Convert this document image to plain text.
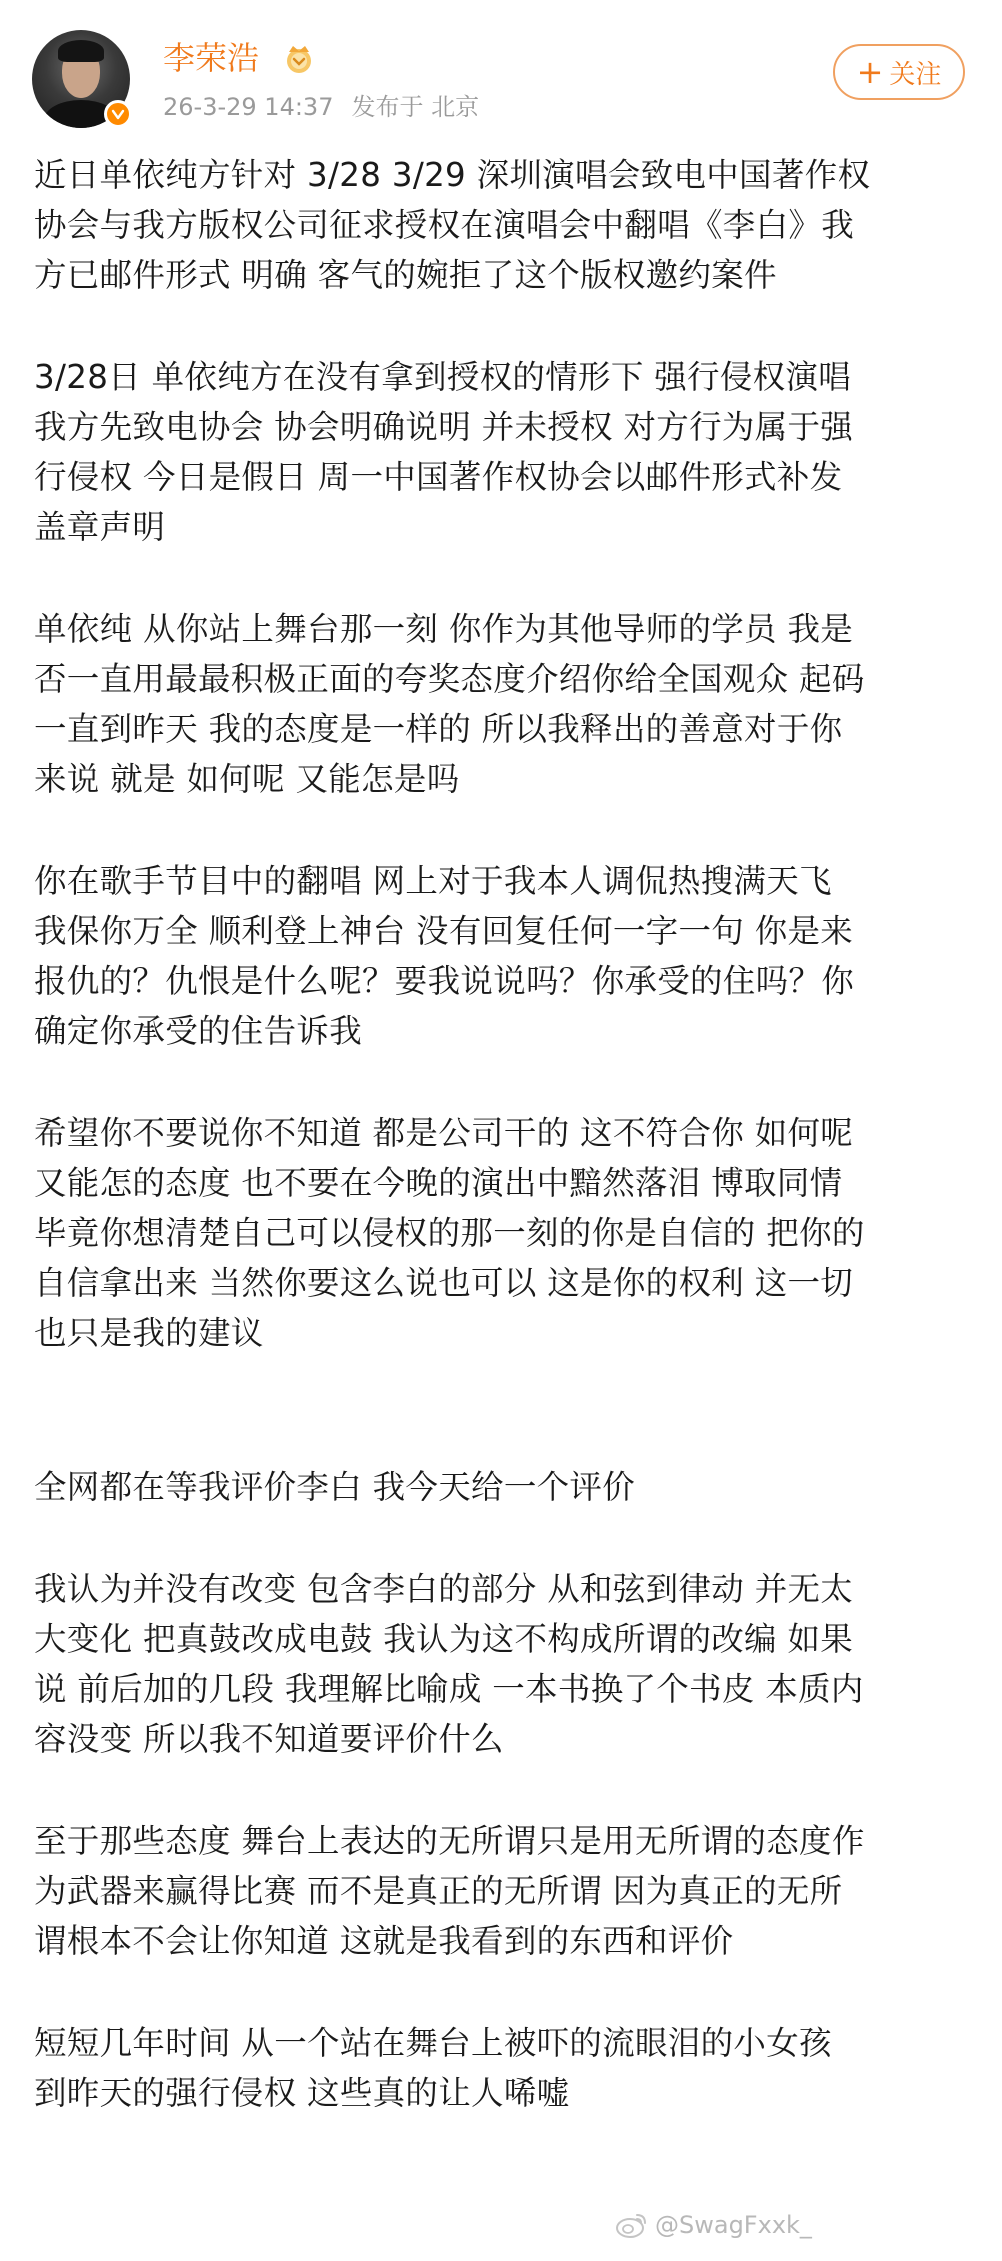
李荣浩
26-3-29 14:37 发布于 北京
+ 关注

近日单依纯方针对 3/28 3/29 深圳演唱会致电中国著作权
协会与我方版权公司征求授权在演唱会中翻唱《李白》我
方已邮件形式 明确 客气的婉拒了这个版权邀约案件

3/28日 单依纯方在没有拿到授权的情形下 强行侵权演唱
我方先致电协会 协会明确说明 并未授权 对方行为属于强
行侵权 今日是假日 周一中国著作权协会以邮件形式补发
盖章声明

单依纯 从你站上舞台那一刻 你作为其他导师的学员 我是
否一直用最最积极正面的夸奖态度介绍你给全国观众 起码
一直到昨天 我的态度是一样的 所以我释出的善意对于你
来说 就是 如何呢 又能怎是吗

你在歌手节目中的翻唱 网上对于我本人调侃热搜满天飞
我保你万全 顺利登上神台 没有回复任何一字一句 你是来
报仇的？仇恨是什么呢？要我说说吗？你承受的住吗？你
确定你承受的住告诉我

希望你不要说你不知道 都是公司干的 这不符合你 如何呢
又能怎的态度 也不要在今晚的演出中黯然落泪 博取同情
毕竟你想清楚自己可以侵权的那一刻的你是自信的 把你的
自信拿出来 当然你要这么说也可以 这是你的权利 这一切
也只是我的建议

全网都在等我评价李白 我今天给一个评价

我认为并没有改变 包含李白的部分 从和弦到律动 并无太
大变化 把真鼓改成电鼓 我认为这不构成所谓的改编 如果
说 前后加的几段 我理解比喻成 一本书换了个书皮 本质内
容没变 所以我不知道要评价什么

至于那些态度 舞台上表达的无所谓只是用无所谓的态度作
为武器来赢得比赛 而不是真正的无所谓 因为真正的无所
谓根本不会让你知道 这就是我看到的东西和评价

短短几年时间 从一个站在舞台上被吓的流眼泪的小女孩
到昨天的强行侵权 这些真的让人唏嘘

@SwagFxxk_
